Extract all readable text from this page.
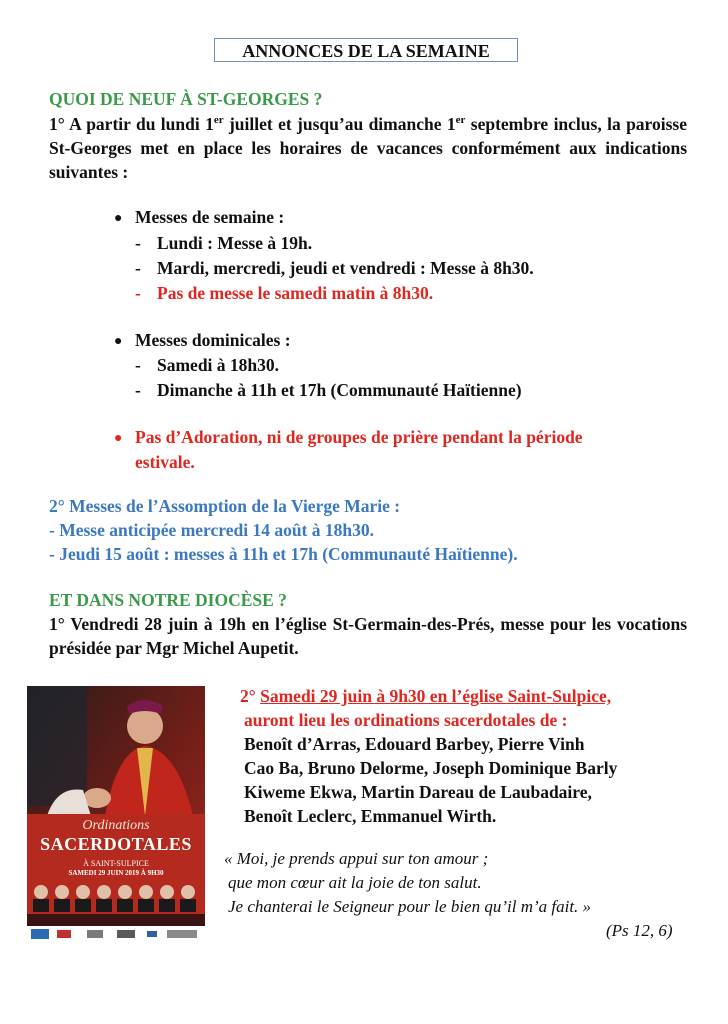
ANNONCES DE LA SEMAINE
QUOI DE NEUF À ST-GEORGES ?
1° A partir du lundi 1er juillet et jusqu’au dimanche 1er septembre inclus, la paroisse St-Georges met en place les horaires de vacances conformément aux indications suivantes :
● Messes de semaine :
- Lundi : Messe à 19h.
- Mardi, mercredi, jeudi et vendredi : Messe à 8h30.
- Pas de messe le samedi matin à 8h30.
● Messes dominicales :
- Samedi à 18h30.
- Dimanche à 11h et 17h (Communauté Haïtienne)
● Pas d’Adoration, ni de groupes de prière pendant la période
estivale.
2° Messes de l’Assomption de la Vierge Marie :
- Messe anticipée mercredi 14 août à 18h30.
- Jeudi 15 août : messes à 11h et 17h (Communauté Haïtienne).
ET DANS NOTRE DIOCÈSE ?
1° Vendredi 28 juin à 19h en l’église St-Germain-des-Prés, messe pour les vocations présidée par Mgr Michel Aupetit.
Ordinations
SACERDOTALES
À SAINT-SULPICE
SAMEDI 29 JUIN 2019 À 9H30
2° Samedi 29 juin à 9h30 en l’église Saint-Sulpice,
auront lieu les ordinations sacerdotales de :
Benoît d’Arras, Edouard Barbey, Pierre Vinh
Cao Ba, Bruno Delorme, Joseph Dominique Barly
Kiweme Ekwa, Martin Dareau de Laubadaire,
Benoît Leclerc, Emmanuel Wirth.
« Moi, je prends appui sur ton amour ;
que mon cœur ait la joie de ton salut.
Je chanterai le Seigneur pour le bien qu’il m’a fait. »
(Ps 12, 6)
